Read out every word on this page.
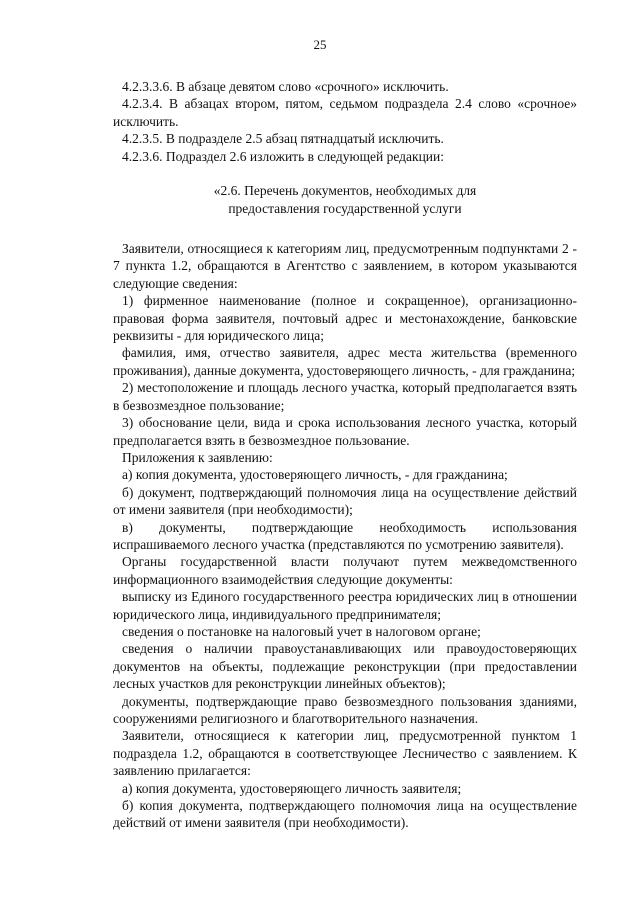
25

4.2.3.3.6. В абзаце девятом слово «срочного» исключить.

4.2.3.4. В абзацах втором, пятом, седьмом подраздела 2.4 слово «срочное» исключить.

4.2.3.5. В подразделе 2.5 абзац пятнадцатый исключить.

4.2.3.6. Подраздел 2.6 изложить в следующей редакции:

«2.6. Перечень документов, необходимых для
предоставления государственной услуги

Заявители, относящиеся к категориям лиц, предусмотренным подпунктами 2 - 7 пункта 1.2, обращаются в Агентство с заявлением, в котором указываются следующие сведения:

1) фирменное наименование (полное и сокращенное), организационно-правовая форма заявителя, почтовый адрес и местонахождение, банковские реквизиты - для юридического лица;

фамилия, имя, отчество заявителя, адрес места жительства (временного проживания), данные документа, удостоверяющего личность, - для гражданина;

2) местоположение и площадь лесного участка, который предполагается взять в безвозмездное пользование;

3) обоснование цели, вида и срока использования лесного участка, который предполагается взять в безвозмездное пользование.

Приложения к заявлению:

а) копия документа, удостоверяющего личность, - для гражданина;

б) документ, подтверждающий полномочия лица на осуществление действий от имени заявителя (при необходимости);

в) документы, подтверждающие необходимость использования испрашиваемого лесного участка (представляются по усмотрению заявителя).

Органы государственной власти получают путем межведомственного информационного взаимодействия следующие документы:

выписку из Единого государственного реестра юридических лиц в отношении юридического лица, индивидуального предпринимателя;

сведения о постановке на налоговый учет в налоговом органе;

сведения о наличии правоустанавливающих или правоудостоверяющих документов на объекты, подлежащие реконструкции (при предоставлении лесных участков для реконструкции линейных объектов);

документы, подтверждающие право безвозмездного пользования зданиями, сооружениями религиозного и благотворительного назначения.

Заявители, относящиеся к категории лиц, предусмотренной пунктом 1 подраздела 1.2, обращаются в соответствующее Лесничество с заявлением. К заявлению прилагается:

а) копия документа, удостоверяющего личность заявителя;

б) копия документа, подтверждающего полномочия лица на осуществление действий от имени заявителя (при необходимости).
